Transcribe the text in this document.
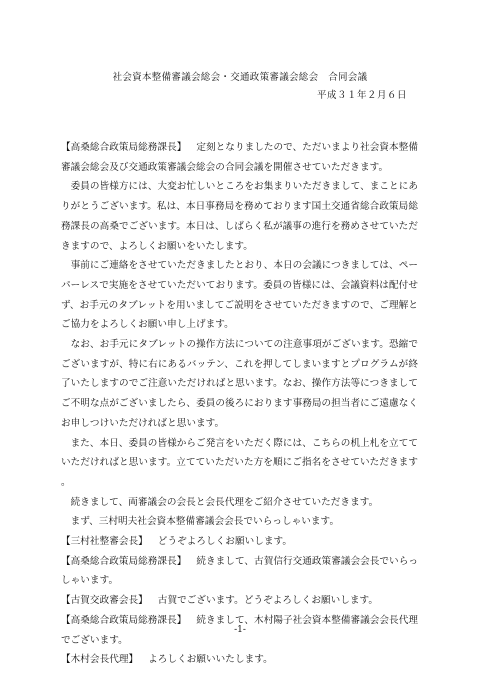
社会資本整備審議会総会・交通政策審議会総会　合同会議
平成３１年２月６日

【高桑総合政策局総務課長】 定刻となりましたので、ただいまより社会資本整備審議会総会及び交通政策審議会総会の合同会議を開催させていただきます。

委員の皆様方には、大変お忙しいところをお集まりいただきまして、まことにありがとうございます。私は、本日事務局を務めております国土交通省総合政策局総務課長の高桑でございます。本日は、しばらく私が議事の進行を務めさせていただきますので、よろしくお願いをいたします。

事前にご連絡をさせていただきましたとおり、本日の会議につきましては、ペーパーレスで実施をさせていただいております。委員の皆様には、会議資料は配付せず、お手元のタブレットを用いましてご説明をさせていただきますので、ご理解とご協力をよろしくお願い申し上げます。

なお、お手元にタブレットの操作方法についての注意事項がございます。恐縮でございますが、特に右にあるバッテン、これを押してしまいますとプログラムが終了いたしますのでご注意いただければと思います。なお、操作方法等につきましてご不明な点がございましたら、委員の後ろにおります事務局の担当者にご遠慮なくお申しつけいただければと思います。

また、本日、委員の皆様からご発言をいただく際には、こちらの机上札を立てていただければと思います。立てていただいた方を順にご指名をさせていただきます。

続きまして、両審議会の会長と会長代理をご紹介させていただきます。

まず、三村明夫社会資本整備審議会会長でいらっしゃいます。

【三村社整審会長】 どうぞよろしくお願いします。

【高桑総合政策局総務課長】 続きまして、古賀信行交通政策審議会会長でいらっしゃいます。

【古賀交政審会長】 古賀でございます。どうぞよろしくお願いします。

【高桑総合政策局総務課長】 続きまして、木村陽子社会資本整備審議会会長代理でございます。

【木村会長代理】 よろしくお願いいたします。

-1-
